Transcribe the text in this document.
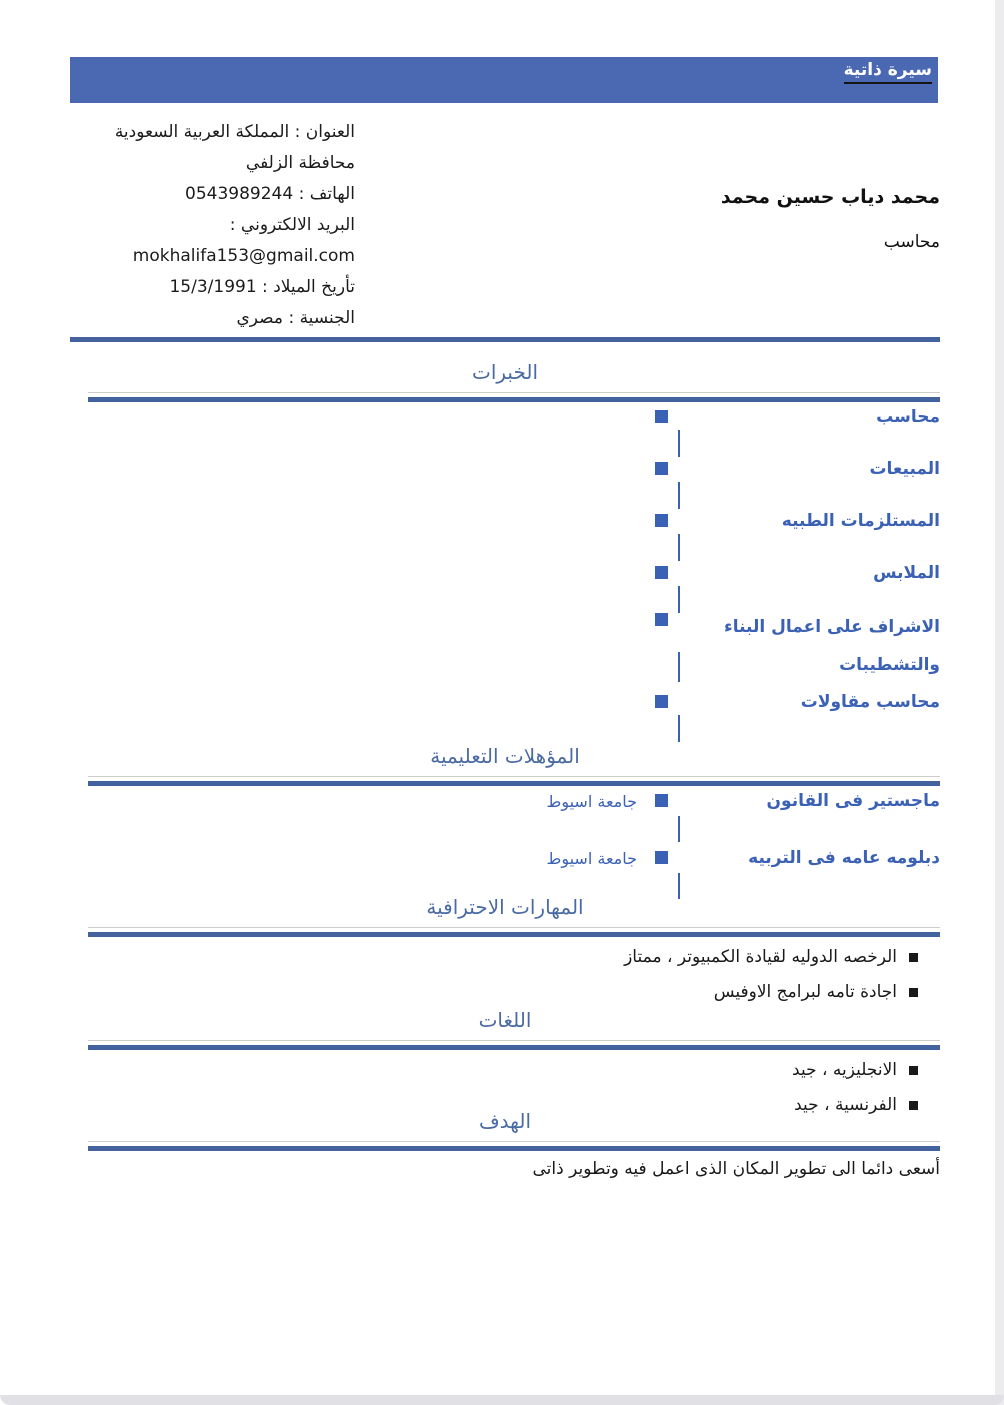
سيرة ذاتية
العنوان : المملكة العربية السعودية
محافظة الزلفي
الهاتف : 0543989244
البريد الالكتروني :
mokhalifa153@gmail.com
تأريخ الميلاد : 15/3/1991
الجنسية : مصري
محمد دياب حسين محمد
محاسب
الخبرات
محاسب
المبيعات
المستلزمات الطبيه
الملابس
الاشراف على اعمال البناء والتشطيبات
محاسب مقاولات
المؤهلات التعليمية
ماجستير فى القانون
جامعة اسيوط
دبلومه عامه فى التربيه
جامعة اسيوط
المهارات الاحترافية
الرخصه الدوليه لقيادة الكمبيوتر ، ممتاز
اجادة تامه لبرامج الاوفيس
اللغات
الانجليزيه ، جيد
الفرنسية ، جيد
الهدف
أسعى دائما الى تطوير المكان الذى اعمل فيه وتطوير ذاتى
